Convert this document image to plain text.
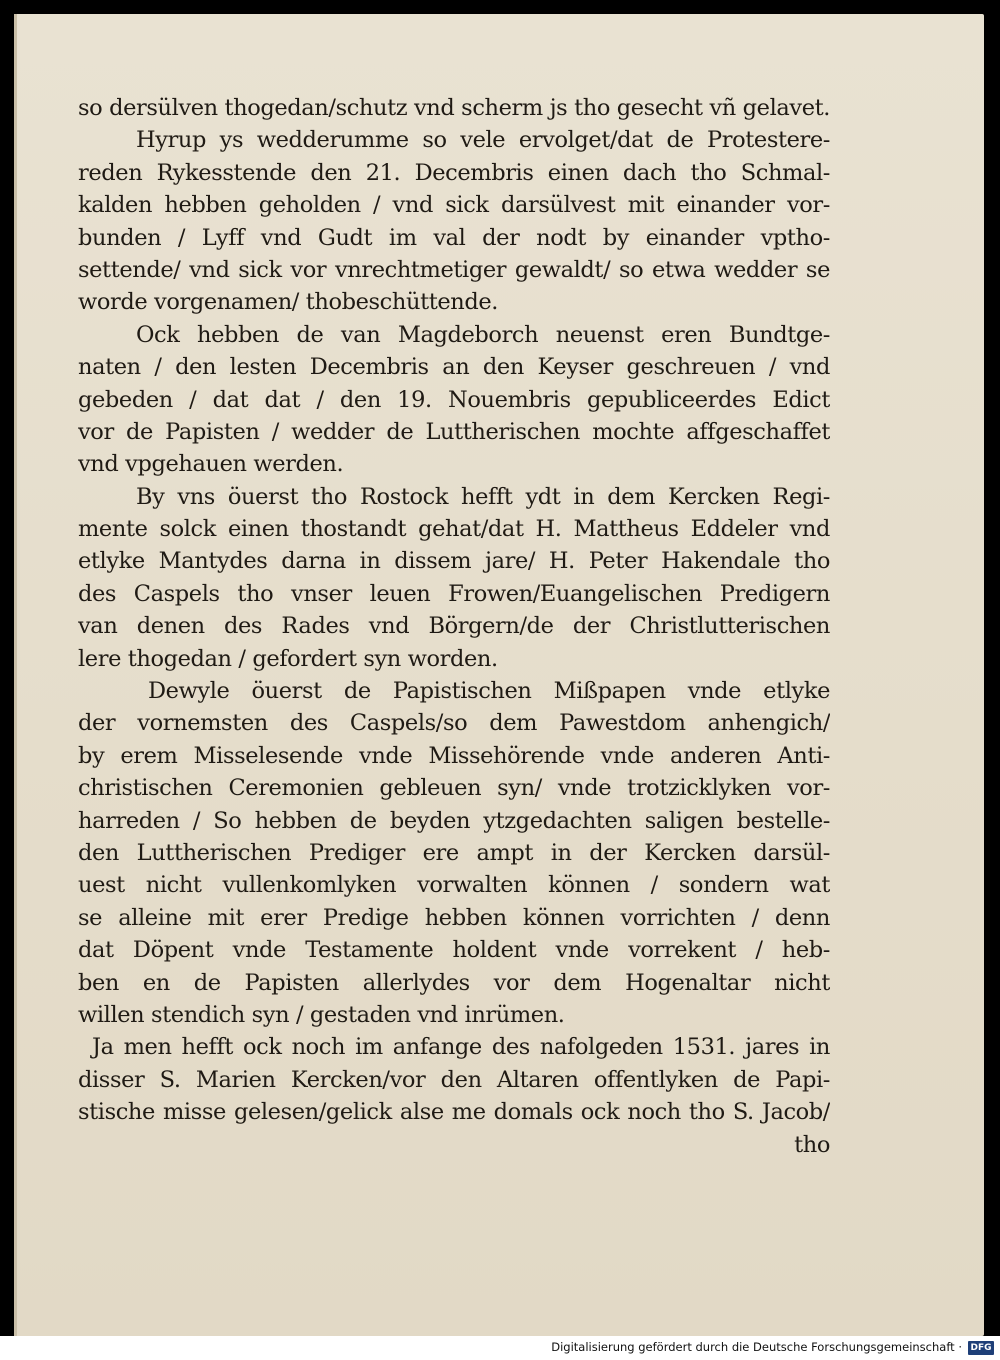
so dersülven thogedan/schutz vnd scherm js tho gesecht vñ gelavet.
Hyrup ys wedderumme so vele ervolget/dat de Protestere-
reden Rykesstende den 21. Decembris einen dach tho Schmal-
kalden hebben geholden / vnd sick darsülvest mit einander vor-
bunden / Lyff vnd Gudt im val der nodt by einander vptho-
settende/ vnd sick vor vnrechtmetiger gewaldt/ so etwa wedder se
worde vorgenamen/ thobeschüttende.
Ock hebben de van Magdeborch neuenst eren Bundtge-
naten / den lesten Decembris an den Keyser geschreuen / vnd
gebeden / dat dat / den 19. Nouembris gepubliceerdes Edict
vor de Papisten / wedder de Luttherischen mochte affgeschaffet
vnd vpgehauen werden.
By vns öuerst tho Rostock hefft ydt in dem Kercken Regi-
mente solck einen thostandt gehat/dat H. Mattheus Eddeler vnd
etlyke Mantydes darna in dissem jare/ H. Peter Hakendale tho
des Caspels tho vnser leuen Frowen/Euangelischen Predigern
van denen des Rades vnd Börgern/de der Christlutterischen
lere thogedan / gefordert syn worden.
Dewyle öuerst de Papistischen Mißpapen vnde etlyke
der vornemsten des Caspels/so dem Pawestdom anhengich/
by erem Misselesende vnde Missehörende vnde anderen Anti-
christischen Ceremonien gebleuen syn/ vnde trotzicklyken vor-
harreden / So hebben de beyden ytzgedachten saligen bestelle-
den Luttherischen Prediger ere ampt in der Kercken darsül-
uest nicht vullenkomlyken vorwalten können / sondern wat
se alleine mit erer Predige hebben können vorrichten / denn
dat Döpent vnde Testamente holdent vnde vorrekent / heb-
ben en de Papisten allerlydes vor dem Hogenaltar nicht
willen stendich syn / gestaden vnd inrümen.
Ja men hefft ock noch im anfange des nafolgeden 1531. jares in
disser S. Marien Kercken/vor den Altaren offentlyken de Papi-
stische misse gelesen/gelick alse me domals ock noch tho S. Jacob/
tho
Digitalisierung gefördert durch die Deutsche Forschungsgemeinschaft · DFG
